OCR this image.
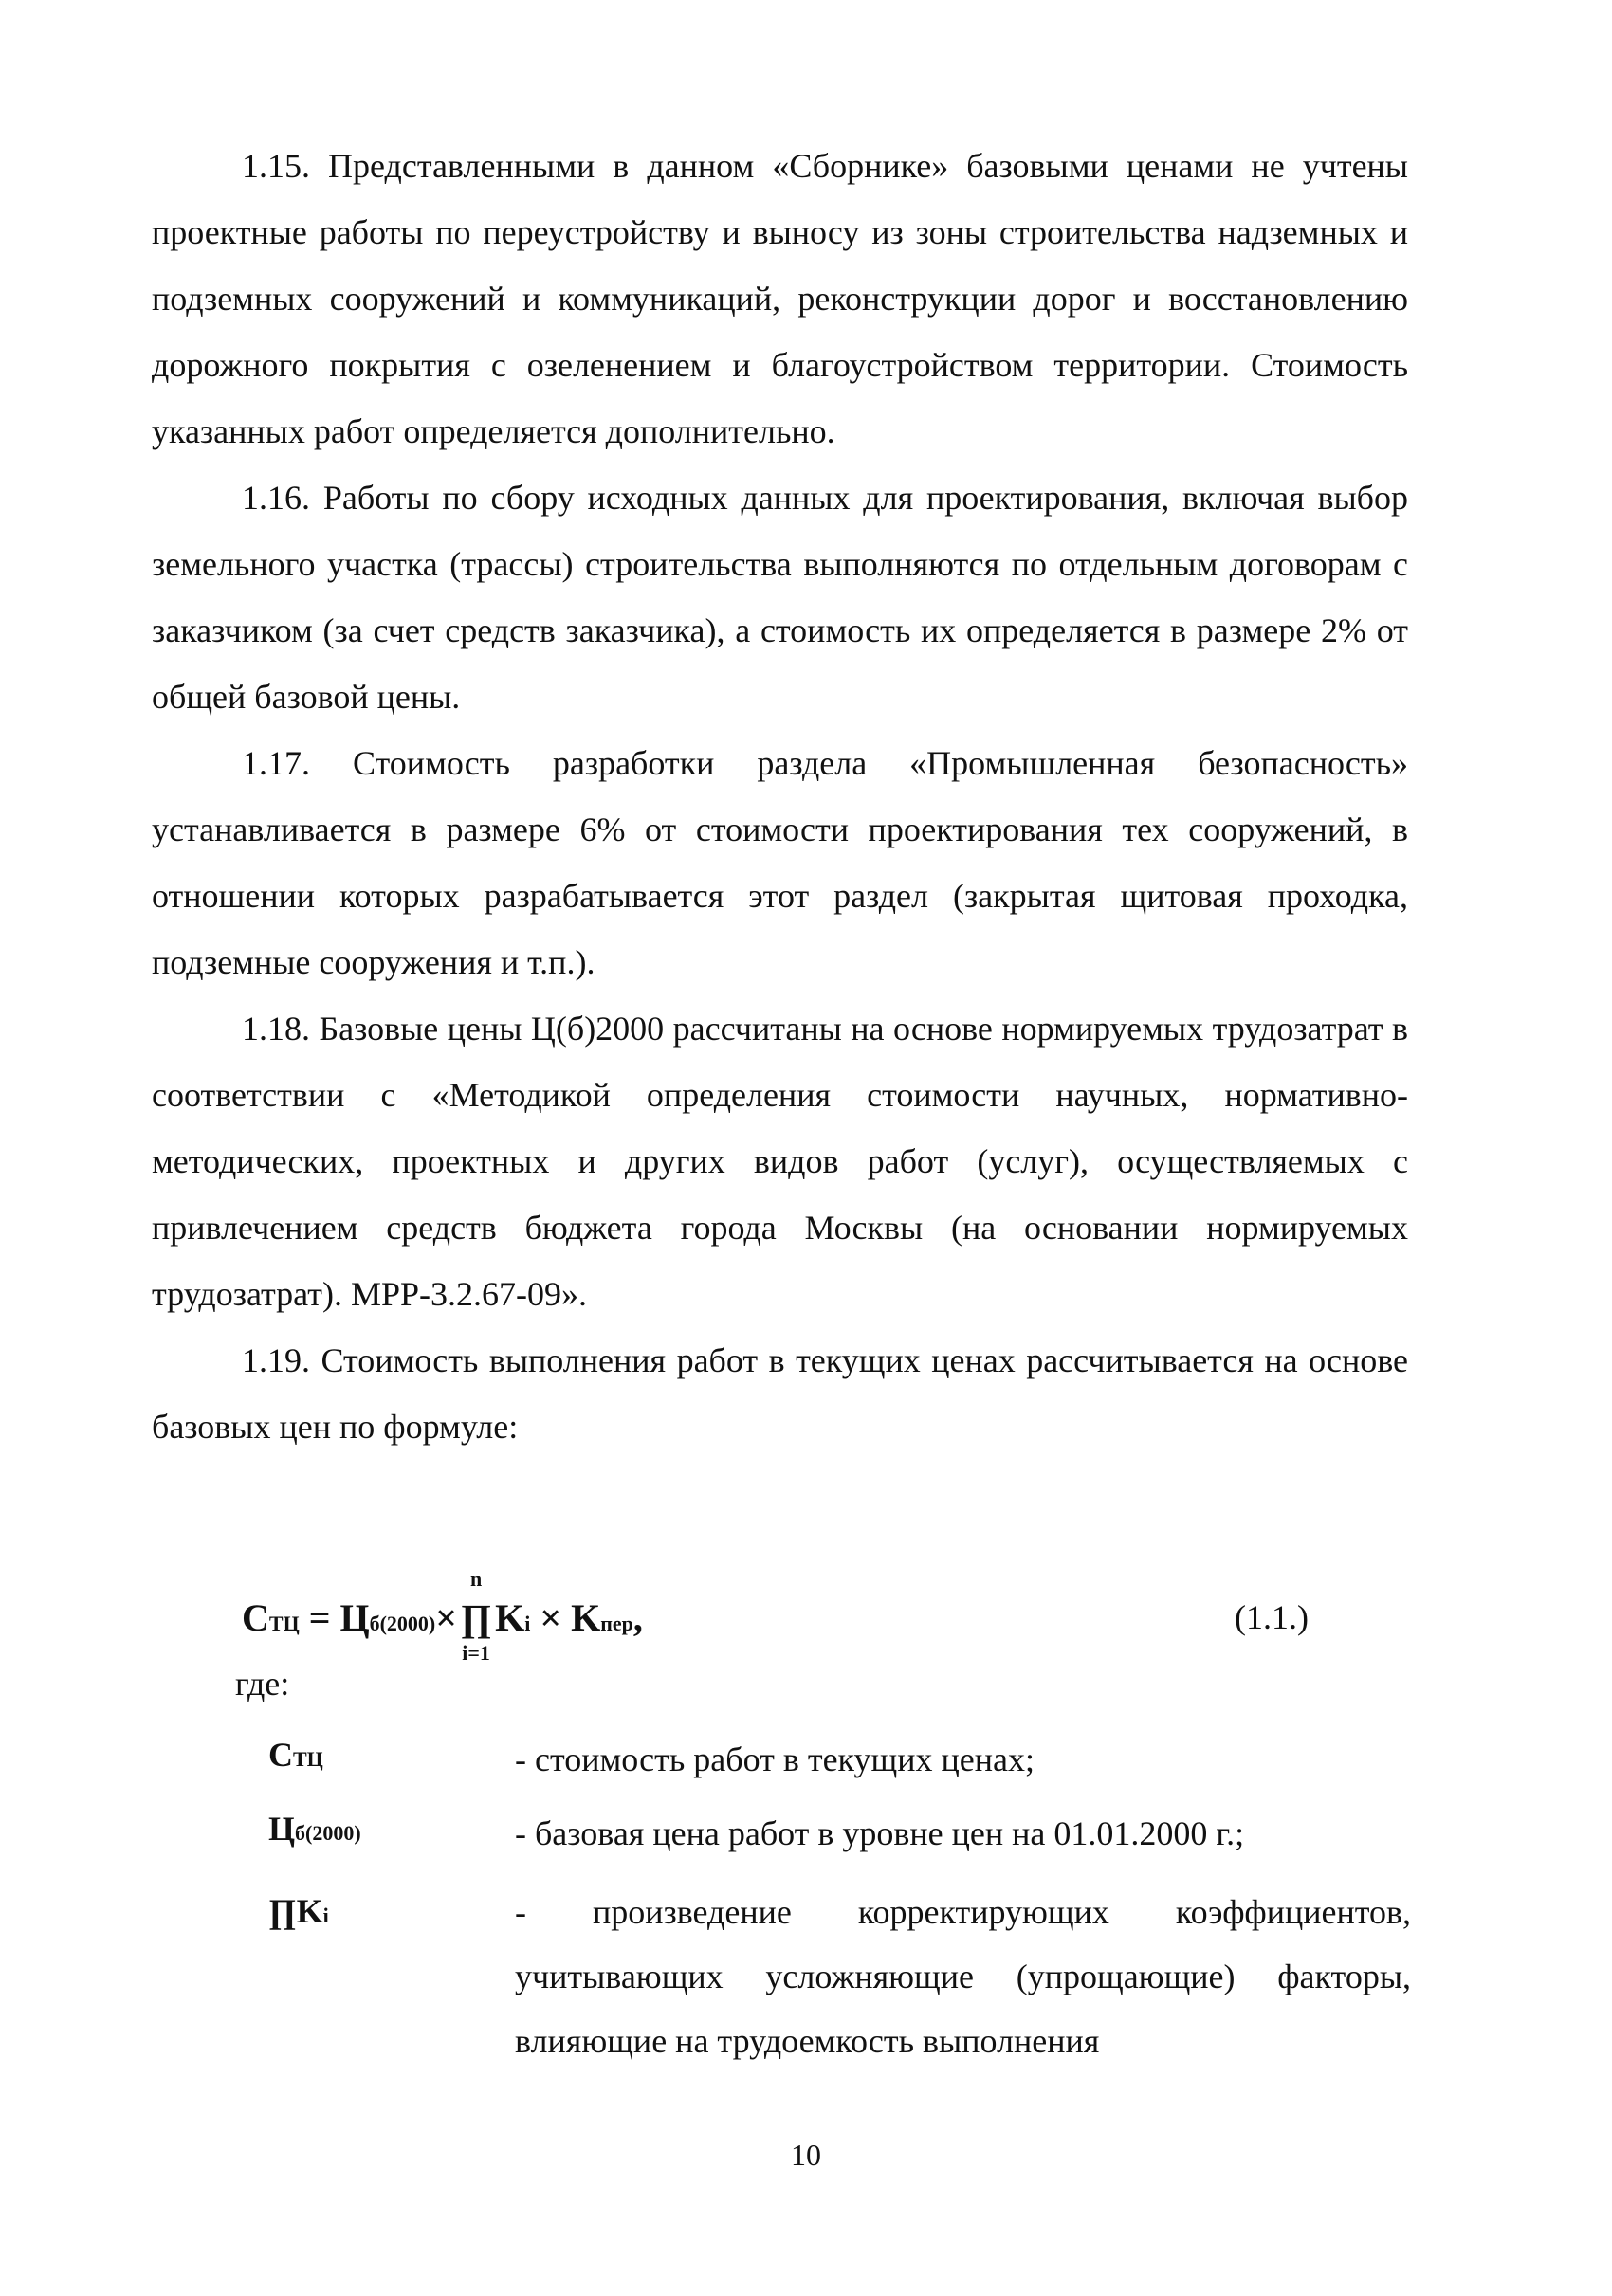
1.15. Представленными в данном «Сборнике» базовыми ценами не учтены проектные работы по переустройству и выносу из зоны строительства надземных и подземных сооружений и коммуникаций, реконструкции дорог и восстановлению дорожного покрытия с озеленением и благоустройством территории. Стоимость указанных работ определяется дополнительно.

1.16. Работы по сбору исходных данных для проектирования, включая выбор земельного участка (трассы) строительства выполняются по отдельным договорам с заказчиком (за счет средств заказчика), а стоимость их определяется в размере 2% от общей базовой цены.

1.17. Стоимость разработки раздела «Промышленная безопасность» устанавливается в размере 6% от стоимости проектирования тех сооружений, в отношении которых разрабатывается этот раздел (закрытая щитовая проходка, подземные сооружения и т.п.).

1.18. Базовые цены Ц(б)2000 рассчитаны на основе нормируемых трудозатрат в соответствии с «Методикой определения стоимости научных, нормативно-методических, проектных и других видов работ (услуг), осуществляемых с привлечением средств бюджета города Москвы (на основании нормируемых трудозатрат). МРР-3.2.67-09».

1.19. Стоимость выполнения работ в текущих ценах рассчитывается на основе базовых цен по формуле:

СТЦ = Цб(2000)×
n
∏
i=1
Ki × Kпер,	(1.1.)
где:
СТЦ	- стоимость работ в текущих ценах;
Цб(2000)	- базовая цена работ в уровне цен на 01.01.2000 г.;
∏Ki	- произведение корректирующих коэффициентов, учитывающих усложняющие (упрощающие) факторы, влияющие на трудоемкость выполнения
10
